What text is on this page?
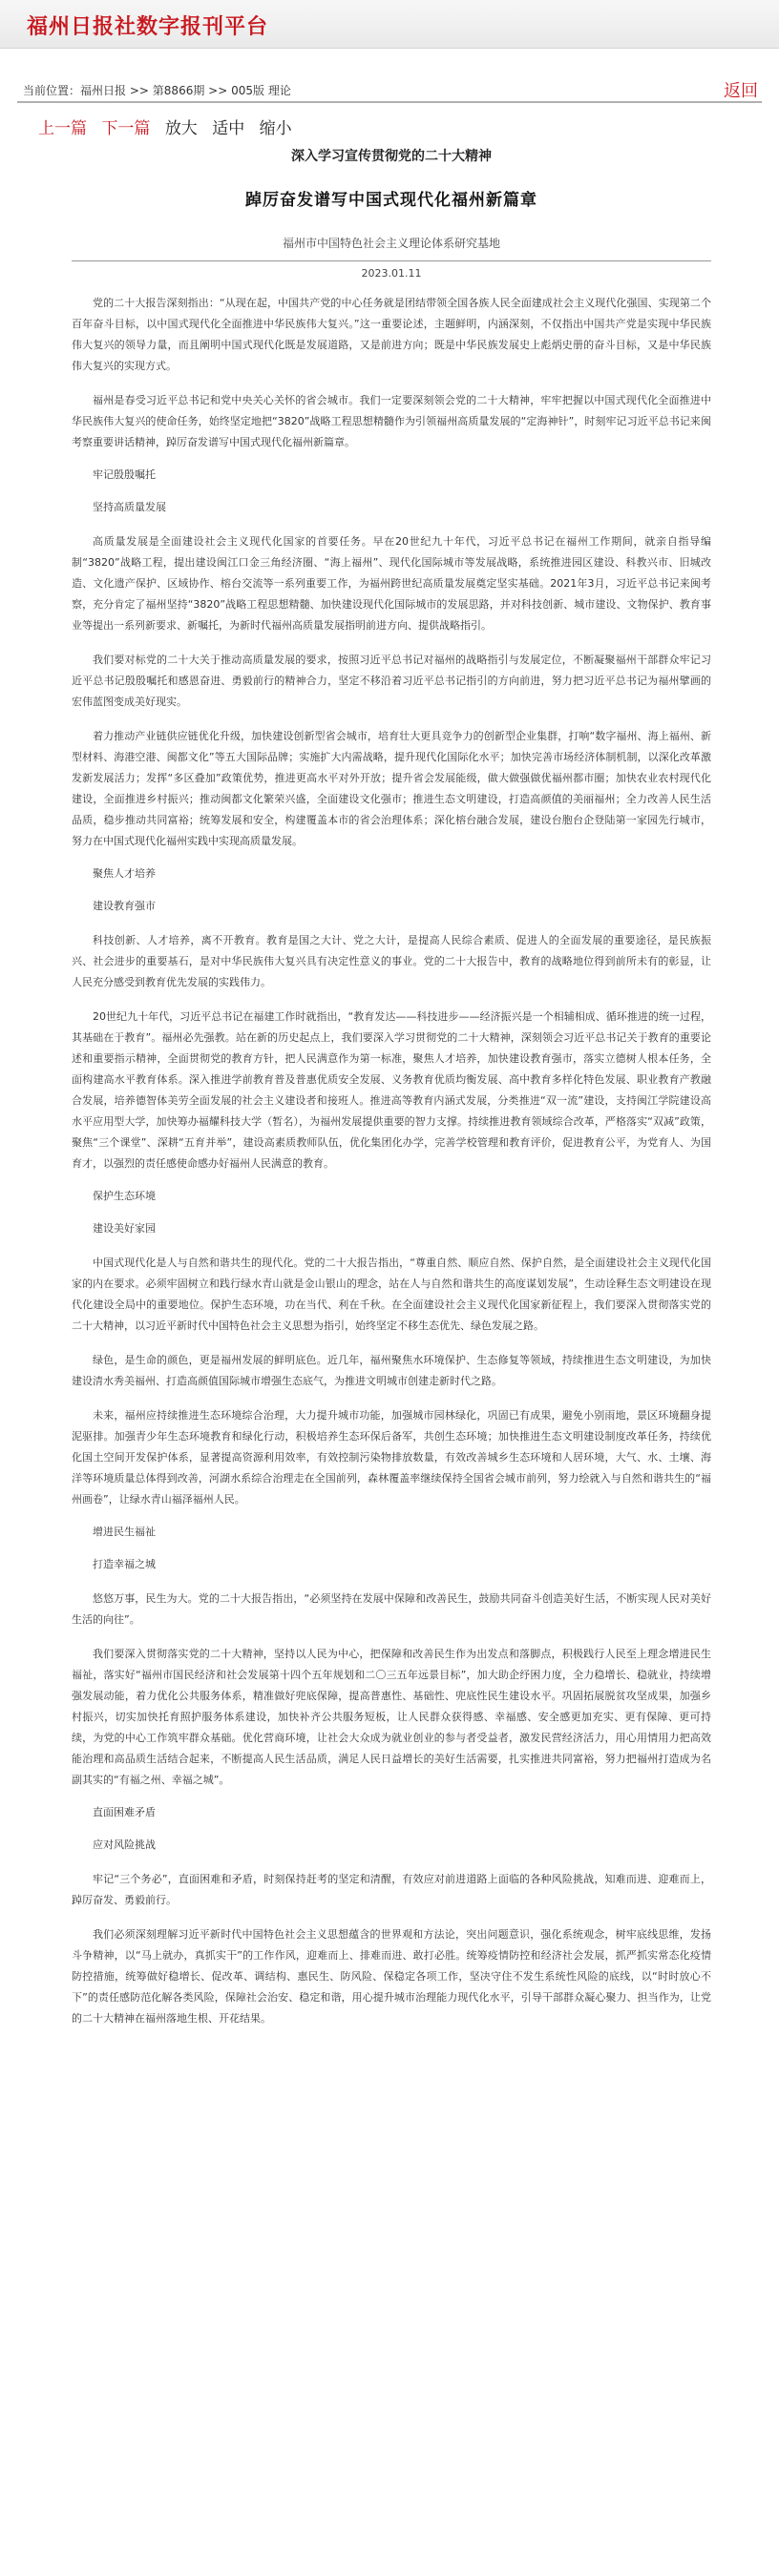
福州日报社数字报刊平台
当前位置：福州日报 >> 第8866期 >> 005版 理论	返回
上一篇 下一篇 放大 适中 缩小
深入学习宣传贯彻党的二十大精神
踔厉奋发谱写中国式现代化福州新篇章
福州市中国特色社会主义理论体系研究基地
2023.01.11

党的二十大报告深刻指出：“从现在起，中国共产党的中心任务就是团结带领全国各族人民全面建成社会主义现代化强国、实现第二个百年奋斗目标，以中国式现代化全面推进中华民族伟大复兴。”这一重要论述，主题鲜明，内涵深刻，不仅指出中国共产党是实现中华民族伟大复兴的领导力量，而且阐明中国式现代化既是发展道路，又是前进方向；既是中华民族发展史上彪炳史册的奋斗目标，又是中华民族伟大复兴的实现方式。

福州是春受习近平总书记和党中央关心关怀的省会城市。我们一定要深刻领会党的二十大精神，牢牢把握以中国式现代化全面推进中华民族伟大复兴的使命任务，始终坚定地把“3820”战略工程思想精髓作为引领福州高质量发展的“定海神针”，时刻牢记习近平总书记来闽考察重要讲话精神，踔厉奋发谱写中国式现代化福州新篇章。

牢记殷殷嘱托
坚持高质量发展

高质量发展是全面建设社会主义现代化国家的首要任务。早在20世纪九十年代，习近平总书记在福州工作期间，就亲自指导编制“3820”战略工程，提出建设闽江口金三角经济圈、“海上福州”、现代化国际城市等发展战略，系统推进园区建设、科教兴市、旧城改造、文化遗产保护、区域协作、榕台交流等一系列重要工作，为福州跨世纪高质量发展奠定坚实基础。2021年3月，习近平总书记来闽考察，充分肯定了福州坚持“3820”战略工程思想精髓、加快建设现代化国际城市的发展思路，并对科技创新、城市建设、文物保护、教育事业等提出一系列新要求、新嘱托，为新时代福州高质量发展指明前进方向、提供战略指引。

我们要对标党的二十大关于推动高质量发展的要求，按照习近平总书记对福州的战略指引与发展定位，不断凝聚福州干部群众牢记习近平总书记殷殷嘱托和感恩奋进、勇毅前行的精神合力，坚定不移沿着习近平总书记指引的方向前进，努力把习近平总书记为福州擘画的宏伟蓝图变成美好现实。

着力推动产业链供应链优化升级，加快建设创新型省会城市，培育壮大更具竞争力的创新型企业集群，打响“数字福州、海上福州、新型材料、海港空港、闽都文化”等五大国际品牌；实施扩大内需战略，提升现代化国际化水平；加快完善市场经济体制机制，以深化改革激发新发展活力；发挥“多区叠加”政策优势，推进更高水平对外开放；提升省会发展能级，做大做强做优福州都市圈；加快农业农村现代化建设，全面推进乡村振兴；推动闽都文化繁荣兴盛，全面建设文化强市；推进生态文明建设，打造高颜值的美丽福州；全力改善人民生活品质，稳步推动共同富裕；统筹发展和安全，构建覆盖本市的省会治理体系；深化榕台融合发展，建设台胞台企登陆第一家园先行城市，努力在中国式现代化福州实践中实现高质量发展。

聚焦人才培养
建设教育强市

科技创新、人才培养，离不开教育。教育是国之大计、党之大计，是提高人民综合素质、促进人的全面发展的重要途径，是民族振兴、社会进步的重要基石，是对中华民族伟大复兴具有决定性意义的事业。党的二十大报告中，教育的战略地位得到前所未有的彰显，让人民充分感受到教育优先发展的实践伟力。

20世纪九十年代，习近平总书记在福建工作时就指出，“教育发达——科技进步——经济振兴是一个相辅相成、循环推进的统一过程，其基础在于教育”。福州必先强教。站在新的历史起点上，我们要深入学习贯彻党的二十大精神，深刻领会习近平总书记关于教育的重要论述和重要指示精神，全面贯彻党的教育方针，把人民满意作为第一标准，聚焦人才培养，加快建设教育强市，落实立德树人根本任务，全面构建高水平教育体系。深入推进学前教育普及普惠优质安全发展、义务教育优质均衡发展、高中教育多样化特色发展、职业教育产教融合发展，培养德智体美劳全面发展的社会主义建设者和接班人。推进高等教育内涵式发展，分类推进“双一流”建设，支持闽江学院建设高水平应用型大学，加快筹办福耀科技大学（暂名），为福州发展提供重要的智力支撑。持续推进教育领域综合改革，严格落实“双减”政策，聚焦“三个课堂”、深耕“五育并举”，建设高素质教师队伍，优化集团化办学，完善学校管理和教育评价，促进教育公平，为党育人、为国育才，以强烈的责任感使命感办好福州人民满意的教育。

保护生态环境
建设美好家园

中国式现代化是人与自然和谐共生的现代化。党的二十大报告指出，“尊重自然、顺应自然、保护自然，是全面建设社会主义现代化国家的内在要求。必须牢固树立和践行绿水青山就是金山银山的理念，站在人与自然和谐共生的高度谋划发展”，生动诠释生态文明建设在现代化建设全局中的重要地位。保护生态环境，功在当代、利在千秋。在全面建设社会主义现代化国家新征程上，我们要深入贯彻落实党的二十大精神，以习近平新时代中国特色社会主义思想为指引，始终坚定不移生态优先、绿色发展之路。

绿色，是生命的颜色，更是福州发展的鲜明底色。近几年，福州聚焦水环境保护、生态修复等领域，持续推进生态文明建设，为加快建设清水秀美福州、打造高颜值国际城市增强生态底气，为推进文明城市创建走新时代之路。

未来，福州应持续推进生态环境综合治理，大力提升城市功能，加强城市园林绿化，巩固已有成果，避免小别雨地，景区环境翻身提泥驱排。加强青少年生态环境教育和绿化行动，积极培养生态环保后备军，共创生态环境；加快推进生态文明建设制度改革任务，持续优化国土空间开发保护体系，显著提高资源利用效率，有效控制污染物排放数量，有效改善城乡生态环境和人居环境，大气、水、土壤、海洋等环境质量总体得到改善，河湖水系综合治理走在全国前列，森林覆盖率继续保持全国省会城市前列，努力绘就入与自然和谐共生的“福州画卷”，让绿水青山福泽福州人民。

增进民生福祉
打造幸福之城

悠悠万事，民生为大。党的二十大报告指出，“必须坚持在发展中保障和改善民生，鼓励共同奋斗创造美好生活，不断实现人民对美好生活的向往”。

我们要深入贯彻落实党的二十大精神，坚持以人民为中心，把保障和改善民生作为出发点和落脚点，积极践行人民至上理念增进民生福祉，落实好“福州市国民经济和社会发展第十四个五年规划和二〇三五年远景目标”，加大助企纾困力度，全力稳增长、稳就业，持续增强发展动能，着力优化公共服务体系，精准做好兜底保障，提高普惠性、基础性、兜底性民生建设水平。巩固拓展脱贫攻坚成果，加强乡村振兴，切实加快托育照护服务体系建设，加快补齐公共服务短板，让人民群众获得感、幸福感、安全感更加充实、更有保障、更可持续，为党的中心工作筑牢群众基础。优化营商环境，让社会大众成为就业创业的参与者受益者，激发民营经济活力，用心用情用力把高效能治理和高品质生活结合起来，不断提高人民生活品质，满足人民日益增长的美好生活需要，扎实推进共同富裕，努力把福州打造成为名副其实的“有福之州、幸福之城”。

直面困难矛盾
应对风险挑战

牢记“三个务必”，直面困难和矛盾，时刻保持赶考的坚定和清醒，有效应对前进道路上面临的各种风险挑战，知难而进、迎难而上，踔厉奋发、勇毅前行。

我们必须深刻理解习近平新时代中国特色社会主义思想蕴含的世界观和方法论，突出问题意识，强化系统观念，树牢底线思维，发扬斗争精神，以“马上就办，真抓实干”的工作作风，迎难而上、排难而进、敢打必胜。统筹疫情防控和经济社会发展，抓严抓实常态化疫情防控措施，统筹做好稳增长、促改革、调结构、惠民生、防风险、保稳定各项工作，坚决守住不发生系统性风险的底线，以“时时放心不下”的责任感防范化解各类风险，保障社会治安、稳定和谐，用心提升城市治理能力现代化水平，引导干部群众凝心聚力、担当作为，让党的二十大精神在福州落地生根、开花结果。
